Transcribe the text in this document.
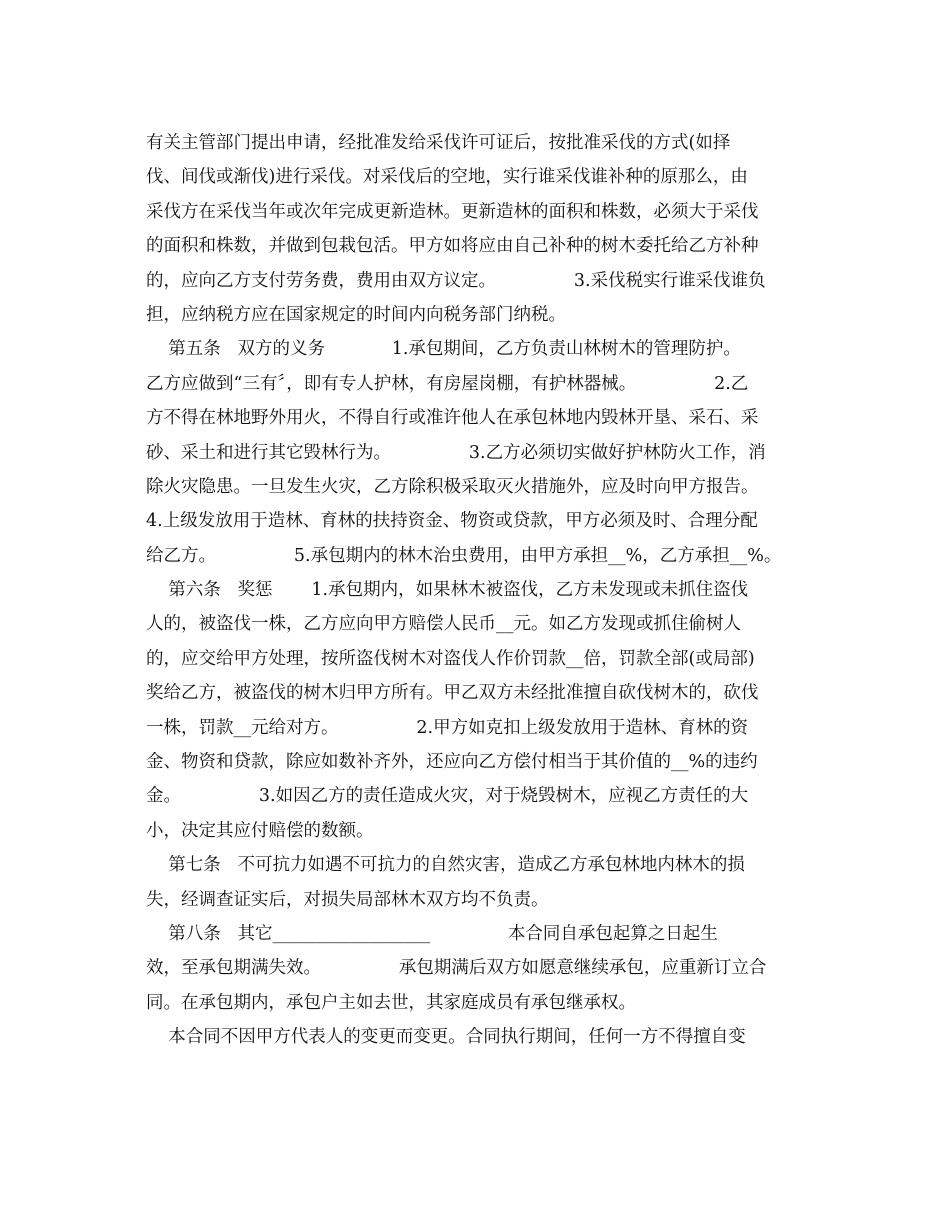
有关主管部门提出申请，经批准发给采伐许可证后，按批准采伐的方式(如择
伐、间伐或渐伐)进行采伐。对采伐后的空地，实行谁采伐谁补种的原那么，由
采伐方在采伐当年或次年完成更新造林。更新造林的面积和株数，必须大于采伐
的面积和株数，并做到包栽包活。甲方如将应由自己补种的树木委托给乙方补种
的，应向乙方支付劳务费，费用由双方议定。              3.采伐税实行谁采伐谁负
担，应纳税方应在国家规定的时间内向税务部门纳税。
第五条   双方的义务            1.承包期间，乙方负责山林树木的管理防护。
乙方应做到“三有〞，即有专人护林，有房屋岗棚，有护林器械。              2.乙
方不得在林地野外用火，不得自行或准许他人在承包林地内毁林开垦、采石、采
砂、采土和进行其它毁林行为。              3.乙方必须切实做好护林防火工作，消
除火灾隐患。一旦发生火灾，乙方除积极采取灭火措施外，应及时向甲方报告。
4.上级发放用于造林、育林的扶持资金、物资或贷款，甲方必须及时、合理分配
给乙方。              5.承包期内的林木治虫费用，由甲方承担__%，乙方承担__%。
第六条   奖惩       1.承包期内，如果林木被盗伐，乙方未发现或未抓住盗伐
人的，被盗伐一株，乙方应向甲方赔偿人民币__元。如乙方发现或抓住偷树人
的，应交给甲方处理，按所盗伐树木对盗伐人作价罚款__倍，罚款全部(或局部)
奖给乙方，被盗伐的树木归甲方所有。甲乙双方未经批准擅自砍伐树木的，砍伐
一株，罚款__元给对方。              2.甲方如克扣上级发放用于造林、育林的资
金、物资和贷款，除应如数补齐外，还应向乙方偿付相当于其价值的__%的违约
金。              3.如因乙方的责任造成火灾，对于烧毁树木，应视乙方责任的大
小，决定其应付赔偿的数额。
第七条   不可抗力如遇不可抗力的自然灾害，造成乙方承包林地内林木的损
失，经调查证实后，对损失局部林木双方均不负责。
第八条   其它__________________              本合同自承包起算之日起生
效，至承包期满失效。              承包期满后双方如愿意继续承包，应重新订立合
同。在承包期内，承包户主如去世，其家庭成员有承包继承权。
本合同不因甲方代表人的变更而变更。合同执行期间，任何一方不得擅自变
